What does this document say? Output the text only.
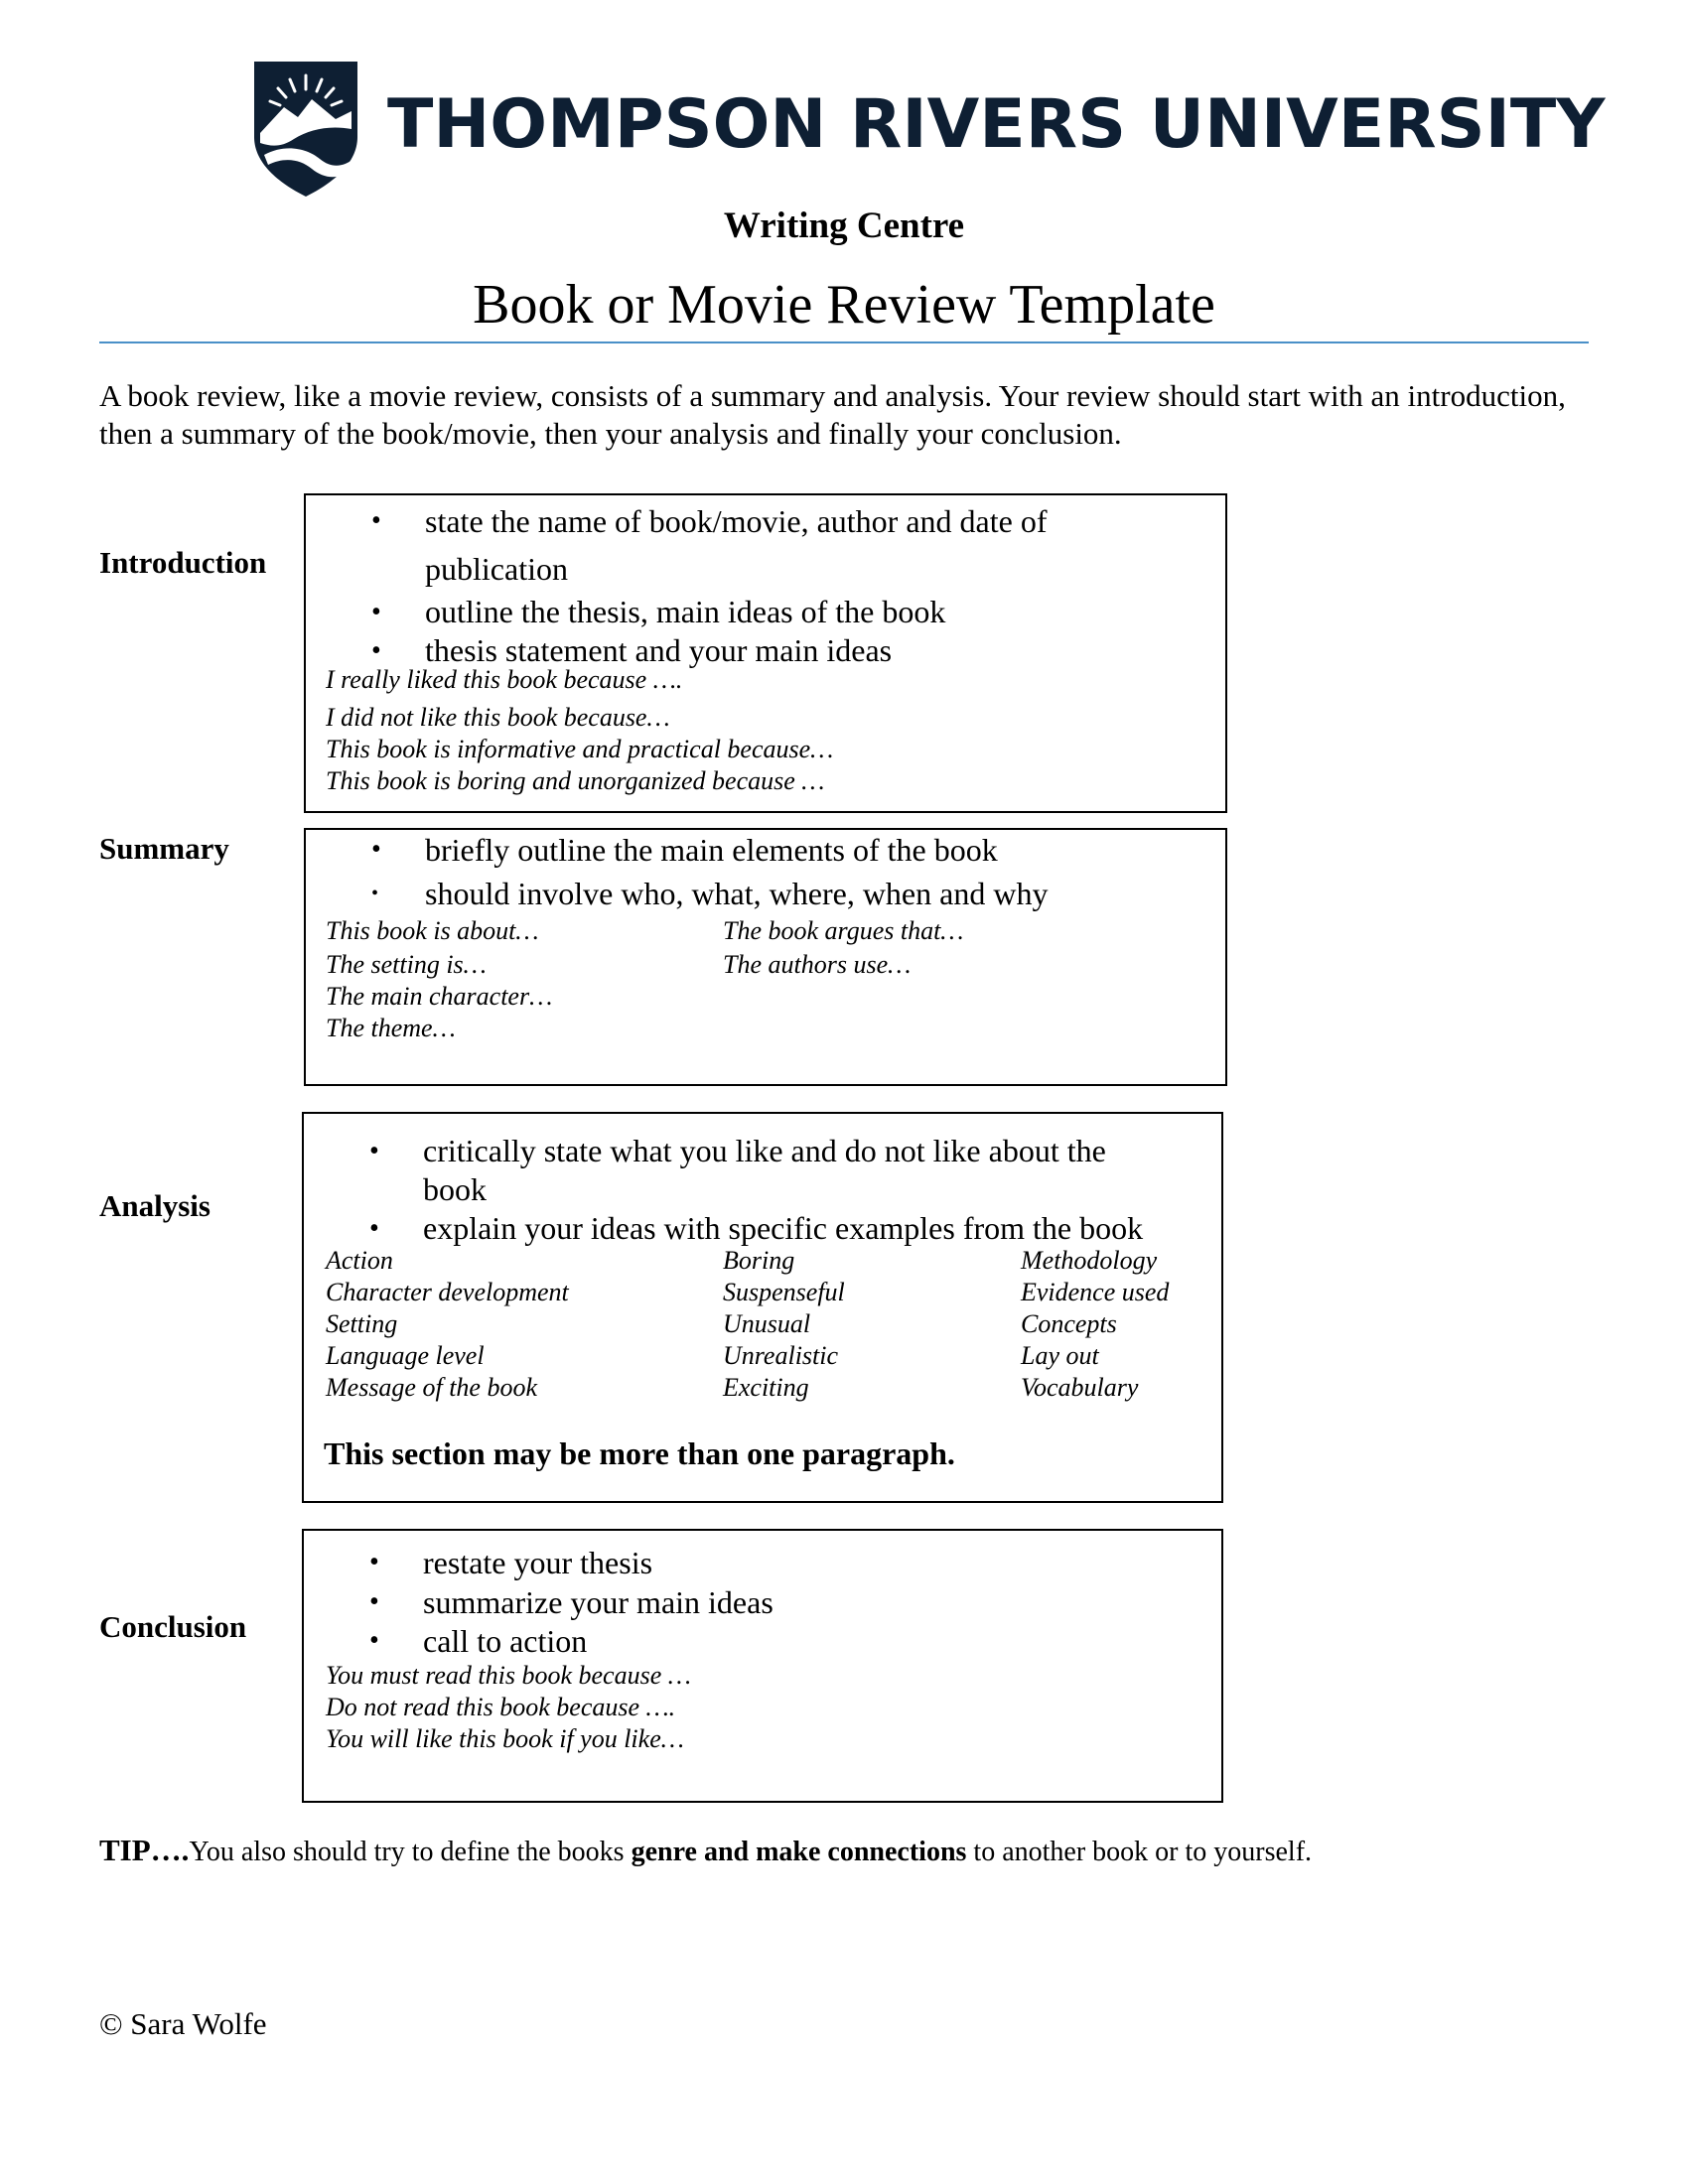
THOMPSON RIVERS UNIVERSITY
Writing Centre
Book or Movie Review Template
A book review, like a movie review, consists of a summary and analysis. Your review should start with an introduction, then a summary of the book/movie, then your analysis and finally your conclusion.
Introduction
• state the name of book/movie, author and date of publication
• outline the thesis, main ideas of the book
• thesis statement and your main ideas
I really liked this book because ….
I did not like this book because…
This book is informative and practical because…
This book is boring and unorganized because …
Summary	• briefly outline the main elements of the book
• should involve who, what, where, when and why
This book is about…
The setting is…
The main character…
The theme…
The book argues that…
The authors use…
Analysis
• critically state what you like and do not like about the book
• explain your ideas with specific examples from the book
Action
Character development
Setting
Language level
Message of the book
Boring
Suspenseful
Unusual
Unrealistic
Exciting
Methodology
Evidence used
Concepts
Lay out
Vocabulary
This section may be more than one paragraph.
Conclusion
• restate your thesis
• summarize your main ideas
• call to action
You must read this book because …
Do not read this book because ….
You will like this book if you like…
TIP….You also should try to define the books genre and make connections to another book or to yourself.
© Sara Wolfe
